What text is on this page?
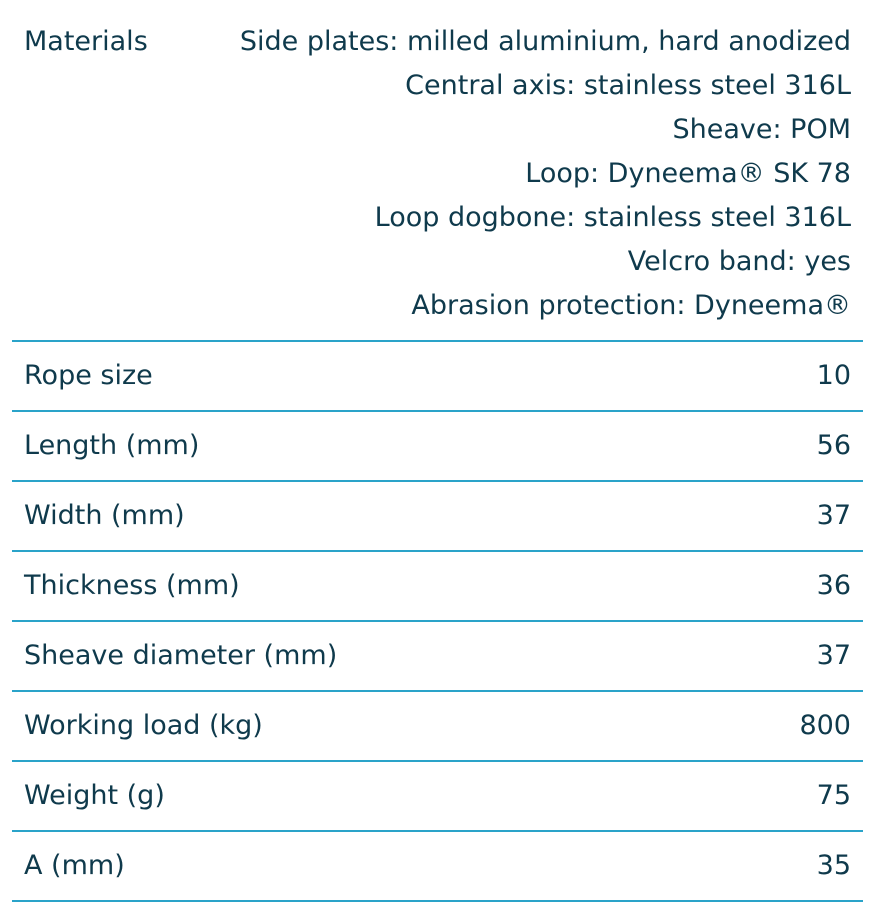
Materials	Side plates: milled aluminium, hard anodized
Central axis: stainless steel 316L
Sheave: POM
Loop: Dyneema® SK 78
Loop dogbone: stainless steel 316L
Velcro band: yes
Abrasion protection: Dyneema®
Rope size	10
Length (mm)	56
Width (mm)	37
Thickness (mm)	36
Sheave diameter (mm)	37
Working load (kg)	800
Weight (g)	75
A (mm)	35
